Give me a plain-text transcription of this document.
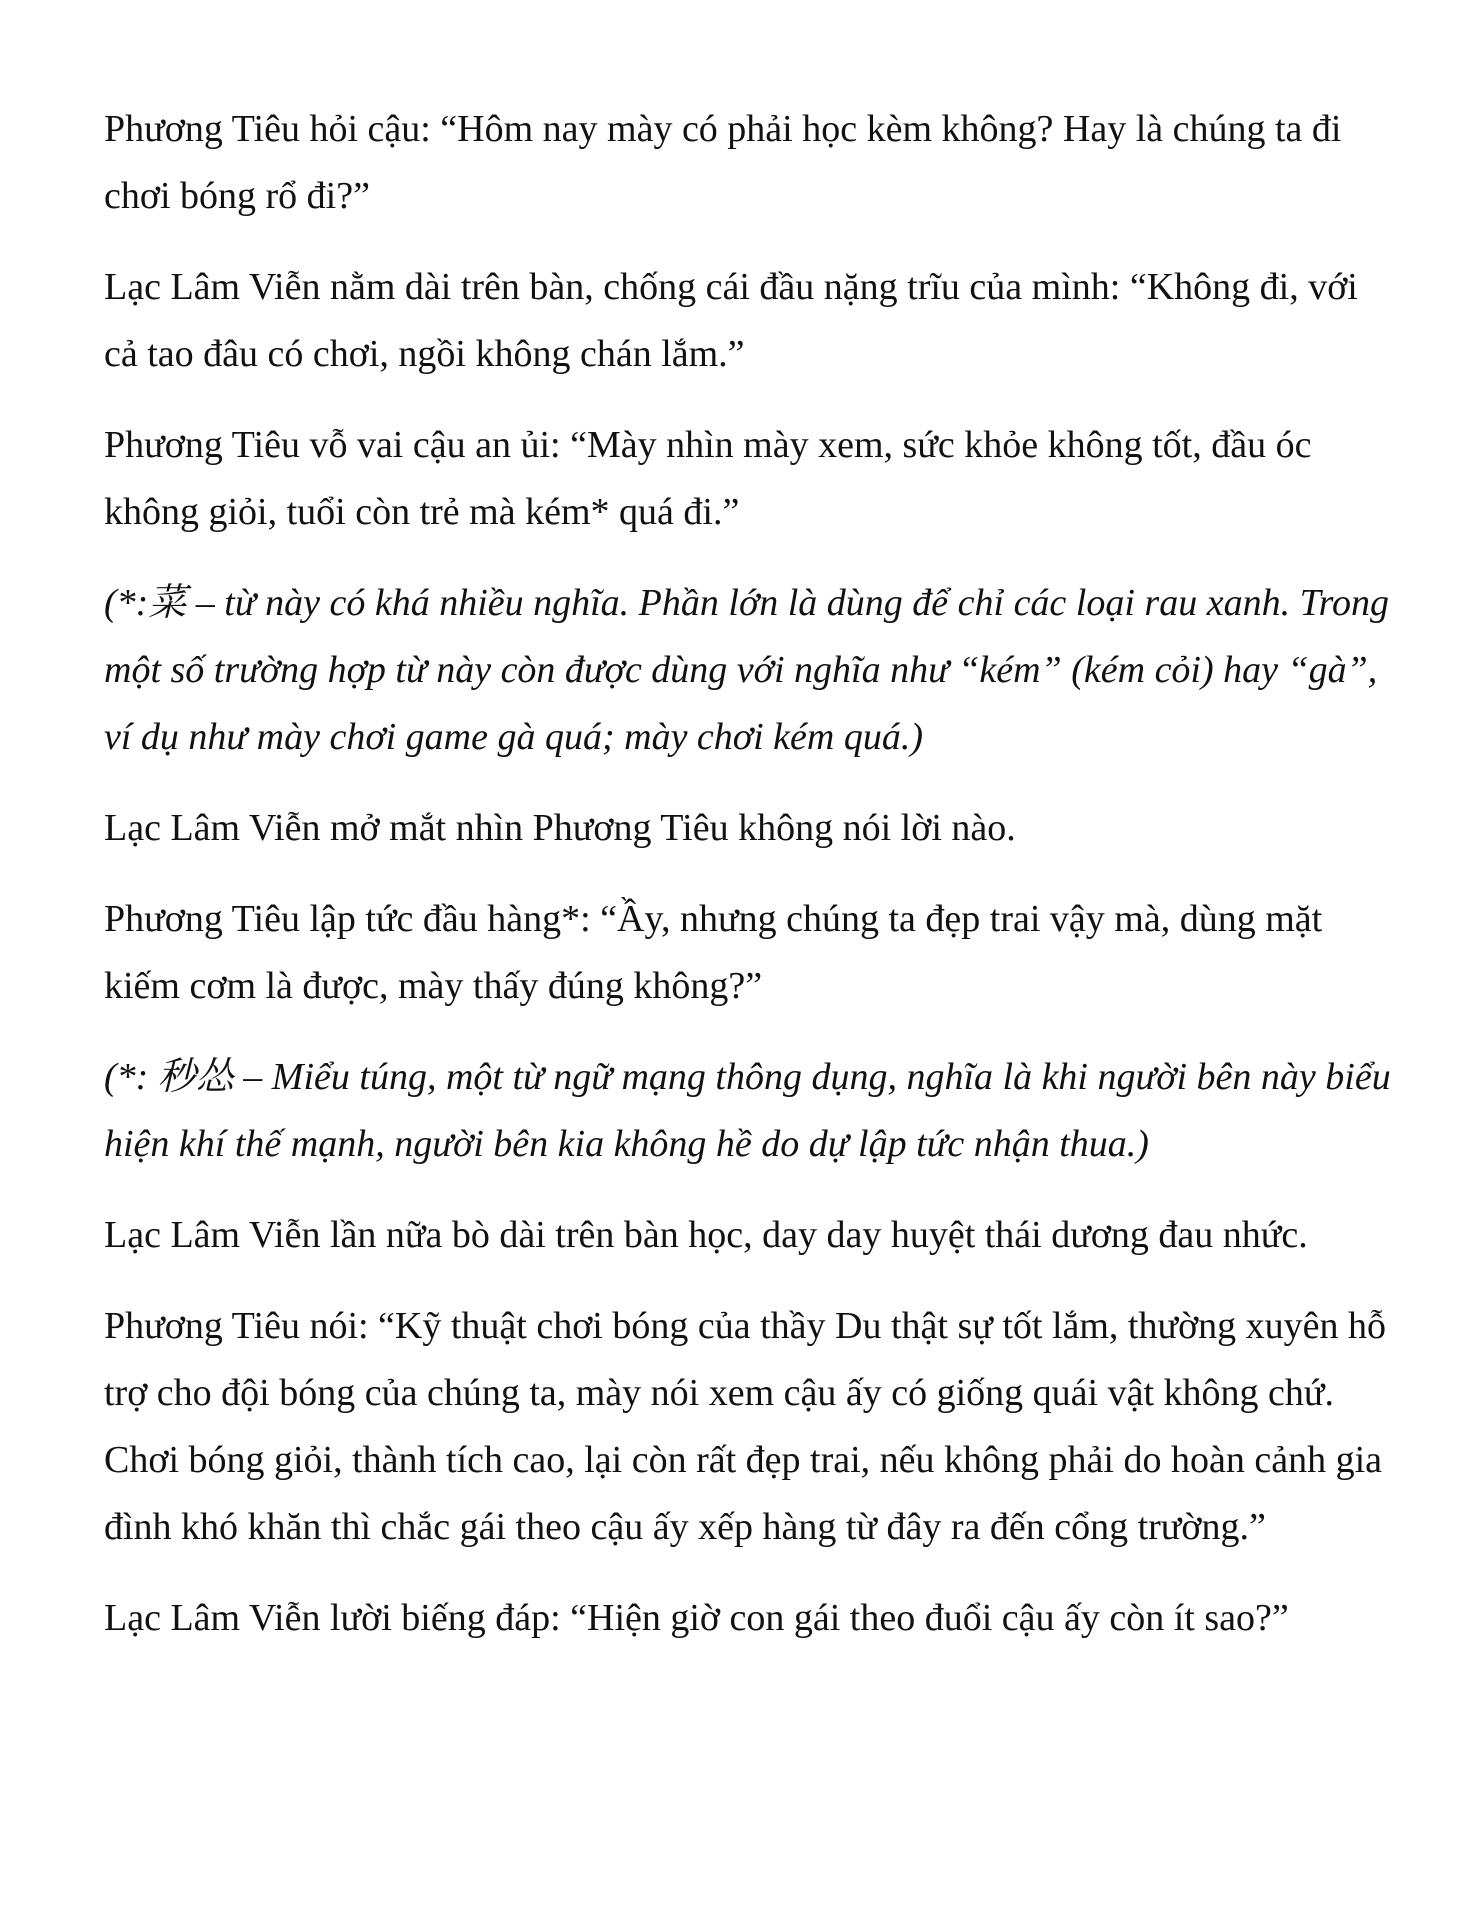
Phương Tiêu hỏi cậu: “Hôm nay mày có phải học kèm không? Hay là chúng ta đi chơi bóng rổ đi?”

Lạc Lâm Viễn nằm dài trên bàn, chống cái đầu nặng trĩu của mình: “Không đi, với cả tao đâu có chơi, ngồi không chán lắm.”

Phương Tiêu vỗ vai cậu an ủi: “Mày nhìn mày xem, sức khỏe không tốt, đầu óc không giỏi, tuổi còn trẻ mà kém* quá đi.”

(*:菜 – từ này có khá nhiều nghĩa. Phần lớn là dùng để chỉ các loại rau xanh. Trong một số trường hợp từ này còn được dùng với nghĩa như “kém” (kém cỏi) hay “gà”, ví dụ như mày chơi game gà quá; mày chơi kém quá.)

Lạc Lâm Viễn mở mắt nhìn Phương Tiêu không nói lời nào.

Phương Tiêu lập tức đầu hàng*: “Ầy, nhưng chúng ta đẹp trai vậy mà, dùng mặt kiếm cơm là được, mày thấy đúng không?”

(*: 秒怂 – Miểu túng, một từ ngữ mạng thông dụng, nghĩa là khi người bên này biểu hiện khí thế mạnh, người bên kia không hề do dự lập tức nhận thua.)

Lạc Lâm Viễn lần nữa bò dài trên bàn học, day day huyệt thái dương đau nhức.

Phương Tiêu nói: “Kỹ thuật chơi bóng của thầy Du thật sự tốt lắm, thường xuyên hỗ trợ cho đội bóng của chúng ta, mày nói xem cậu ấy có giống quái vật không chứ. Chơi bóng giỏi, thành tích cao, lại còn rất đẹp trai, nếu không phải do hoàn cảnh gia đình khó khăn thì chắc gái theo cậu ấy xếp hàng từ đây ra đến cổng trường.”

Lạc Lâm Viễn lười biếng đáp: “Hiện giờ con gái theo đuổi cậu ấy còn ít sao?”
